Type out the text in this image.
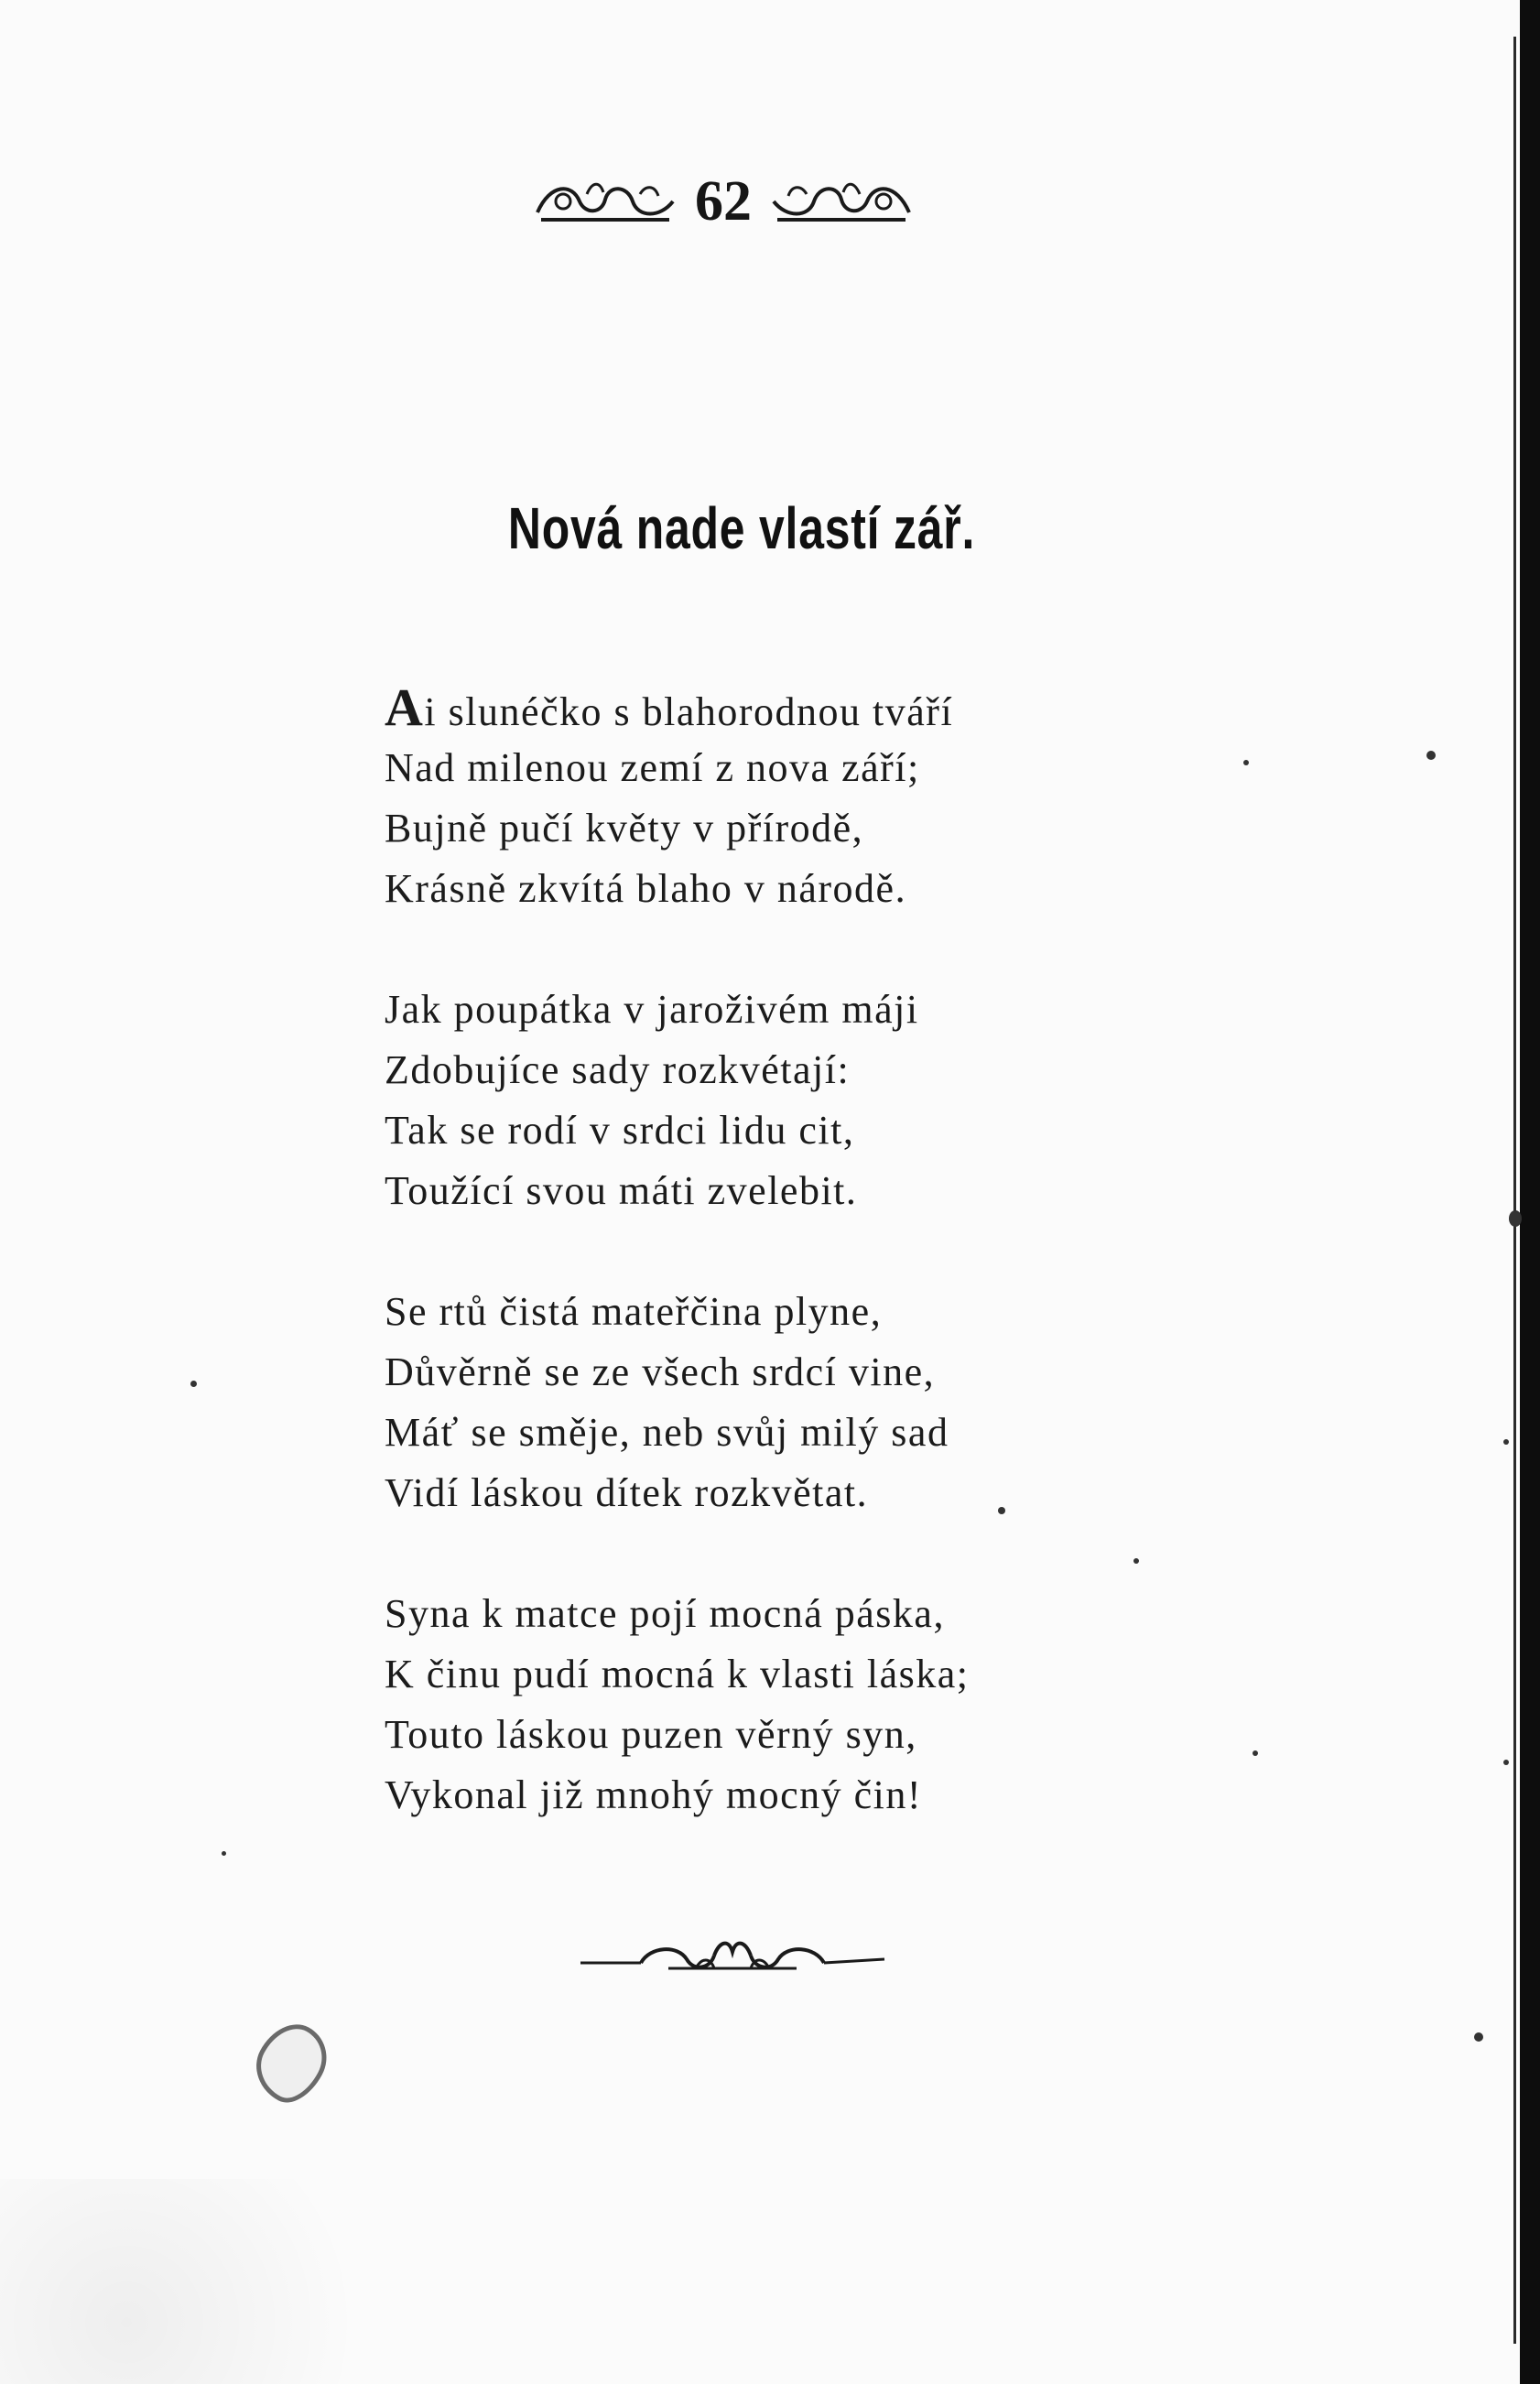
62
Nová nade vlastí zář.
Ai slunéčko s blahorodnou tváří
Nad milenou zemí z nova září;
Bujně pučí květy v přírodě,
Krásně zkvítá blaho v národě.
Jak poupátka v jaroživém máji
Zdobujíce sady rozkvétají:
Tak se rodí v srdci lidu cit,
Toužící svou máti zvelebit.
Se rtů čistá mateřčina plyne,
Důvěrně se ze všech srdcí vine,
Máť se směje, neb svůj milý sad
Vidí láskou dítek rozkvětat.
Syna k matce pojí mocná páska,
K činu pudí mocná k vlasti láska;
Touto láskou puzen věrný syn,
Vykonal již mnohý mocný čin!
